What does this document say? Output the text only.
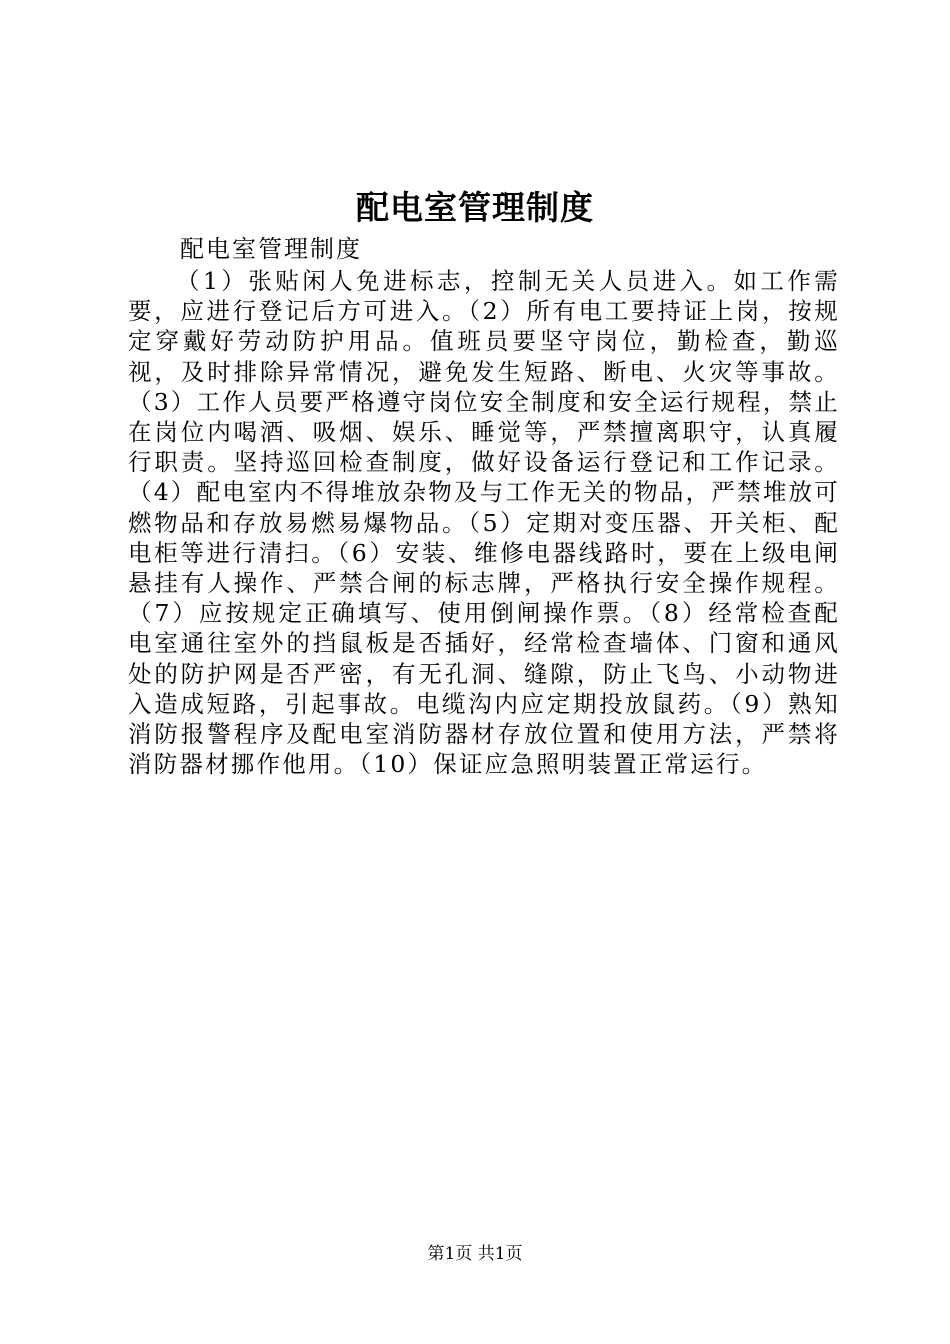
配电室管理制度
配电室管理制度
（1）张贴闲人免进标志，控制无关人员进入。如工作需要，应进行登记后方可进入。（2）所有电工要持证上岗，按规定穿戴好劳动防护用品。值班员要坚守岗位，勤检查，勤巡视，及时排除异常情况，避免发生短路、断电、火灾等事故。（3）工作人员要严格遵守岗位安全制度和安全运行规程，禁止在岗位内喝酒、吸烟、娱乐、睡觉等，严禁擅离职守，认真履行职责。坚持巡回检查制度，做好设备运行登记和工作记录。（4）配电室内不得堆放杂物及与工作无关的物品，严禁堆放可燃物品和存放易燃易爆物品。（5）定期对变压器、开关柜、配电柜等进行清扫。（6）安装、维修电器线路时，要在上级电闸悬挂有人操作、严禁合闸的标志牌，严格执行安全操作规程。（7）应按规定正确填写、使用倒闸操作票。（8）经常检查配电室通往室外的挡鼠板是否插好，经常检查墙体、门窗和通风处的防护网是否严密，有无孔洞、缝隙，防止飞鸟、小动物进入造成短路，引起事故。电缆沟内应定期投放鼠药。（9）熟知消防报警程序及配电室消防器材存放位置和使用方法，严禁将消防器材挪作他用。（10）保证应急照明装置正常运行。
第1页 共1页
